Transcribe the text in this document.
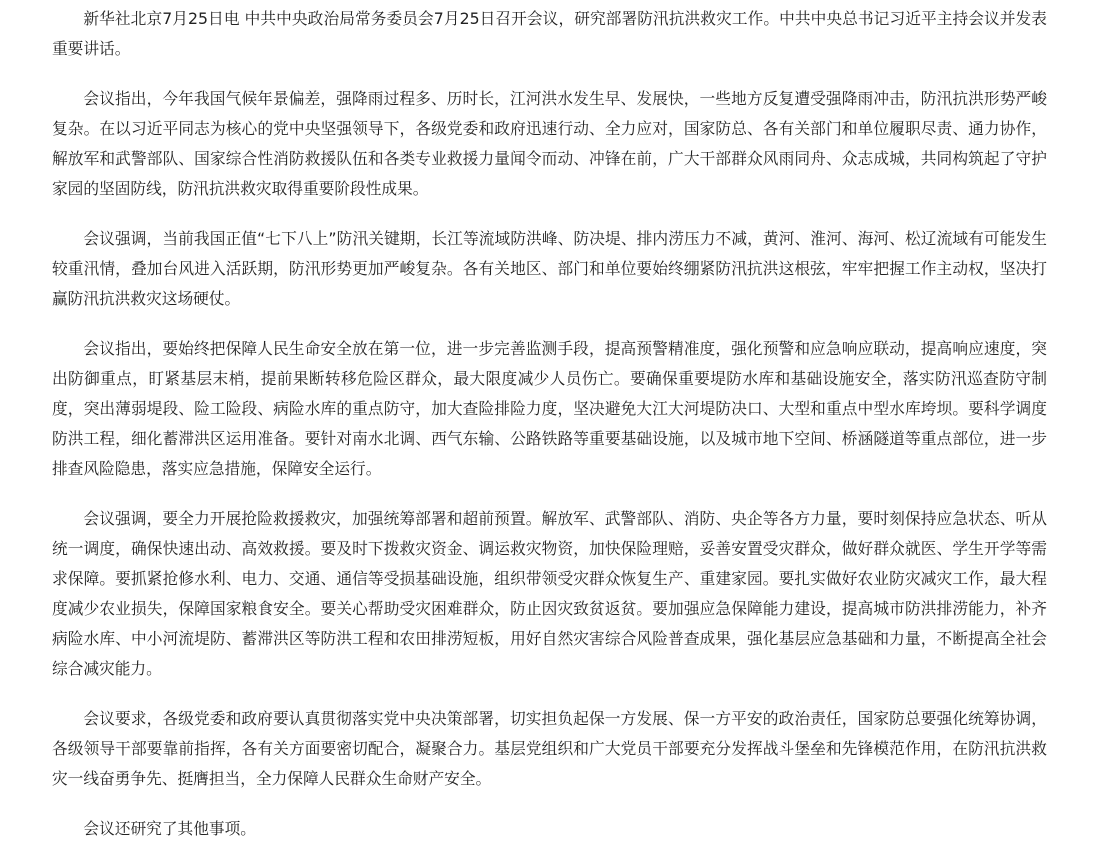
新华社北京7月25日电 中共中央政治局常务委员会7月25日召开会议，研究部署防汛抗洪救灾工作。中共中央总书记习近平主持会议并发表重要讲话。

会议指出，今年我国气候年景偏差，强降雨过程多、历时长，江河洪水发生早、发展快，一些地方反复遭受强降雨冲击，防汛抗洪形势严峻复杂。在以习近平同志为核心的党中央坚强领导下，各级党委和政府迅速行动、全力应对，国家防总、各有关部门和单位履职尽责、通力协作，解放军和武警部队、国家综合性消防救援队伍和各类专业救援力量闻令而动、冲锋在前，广大干部群众风雨同舟、众志成城，共同构筑起了守护家园的坚固防线，防汛抗洪救灾取得重要阶段性成果。

会议强调，当前我国正值“七下八上”防汛关键期，长江等流域防洪峰、防决堤、排内涝压力不减，黄河、淮河、海河、松辽流域有可能发生较重汛情，叠加台风进入活跃期，防汛形势更加严峻复杂。各有关地区、部门和单位要始终绷紧防汛抗洪这根弦，牢牢把握工作主动权，坚决打赢防汛抗洪救灾这场硬仗。

会议指出，要始终把保障人民生命安全放在第一位，进一步完善监测手段，提高预警精准度，强化预警和应急响应联动，提高响应速度，突出防御重点，盯紧基层末梢，提前果断转移危险区群众，最大限度减少人员伤亡。要确保重要堤防水库和基础设施安全，落实防汛巡查防守制度，突出薄弱堤段、险工险段、病险水库的重点防守，加大查险排险力度，坚决避免大江大河堤防决口、大型和重点中型水库垮坝。要科学调度防洪工程，细化蓄滞洪区运用准备。要针对南水北调、西气东输、公路铁路等重要基础设施，以及城市地下空间、桥涵隧道等重点部位，进一步排查风险隐患，落实应急措施，保障安全运行。

会议强调，要全力开展抢险救援救灾，加强统筹部署和超前预置。解放军、武警部队、消防、央企等各方力量，要时刻保持应急状态、听从统一调度，确保快速出动、高效救援。要及时下拨救灾资金、调运救灾物资，加快保险理赔，妥善安置受灾群众，做好群众就医、学生开学等需求保障。要抓紧抢修水利、电力、交通、通信等受损基础设施，组织带领受灾群众恢复生产、重建家园。要扎实做好农业防灾减灾工作，最大程度减少农业损失，保障国家粮食安全。要关心帮助受灾困难群众，防止因灾致贫返贫。要加强应急保障能力建设，提高城市防洪排涝能力，补齐病险水库、中小河流堤防、蓄滞洪区等防洪工程和农田排涝短板，用好自然灾害综合风险普查成果，强化基层应急基础和力量，不断提高全社会综合减灾能力。

会议要求，各级党委和政府要认真贯彻落实党中央决策部署，切实担负起保一方发展、保一方平安的政治责任，国家防总要强化统筹协调，各级领导干部要靠前指挥，各有关方面要密切配合，凝聚合力。基层党组织和广大党员干部要充分发挥战斗堡垒和先锋模范作用，在防汛抗洪救灾一线奋勇争先、挺膺担当，全力保障人民群众生命财产安全。

会议还研究了其他事项。
